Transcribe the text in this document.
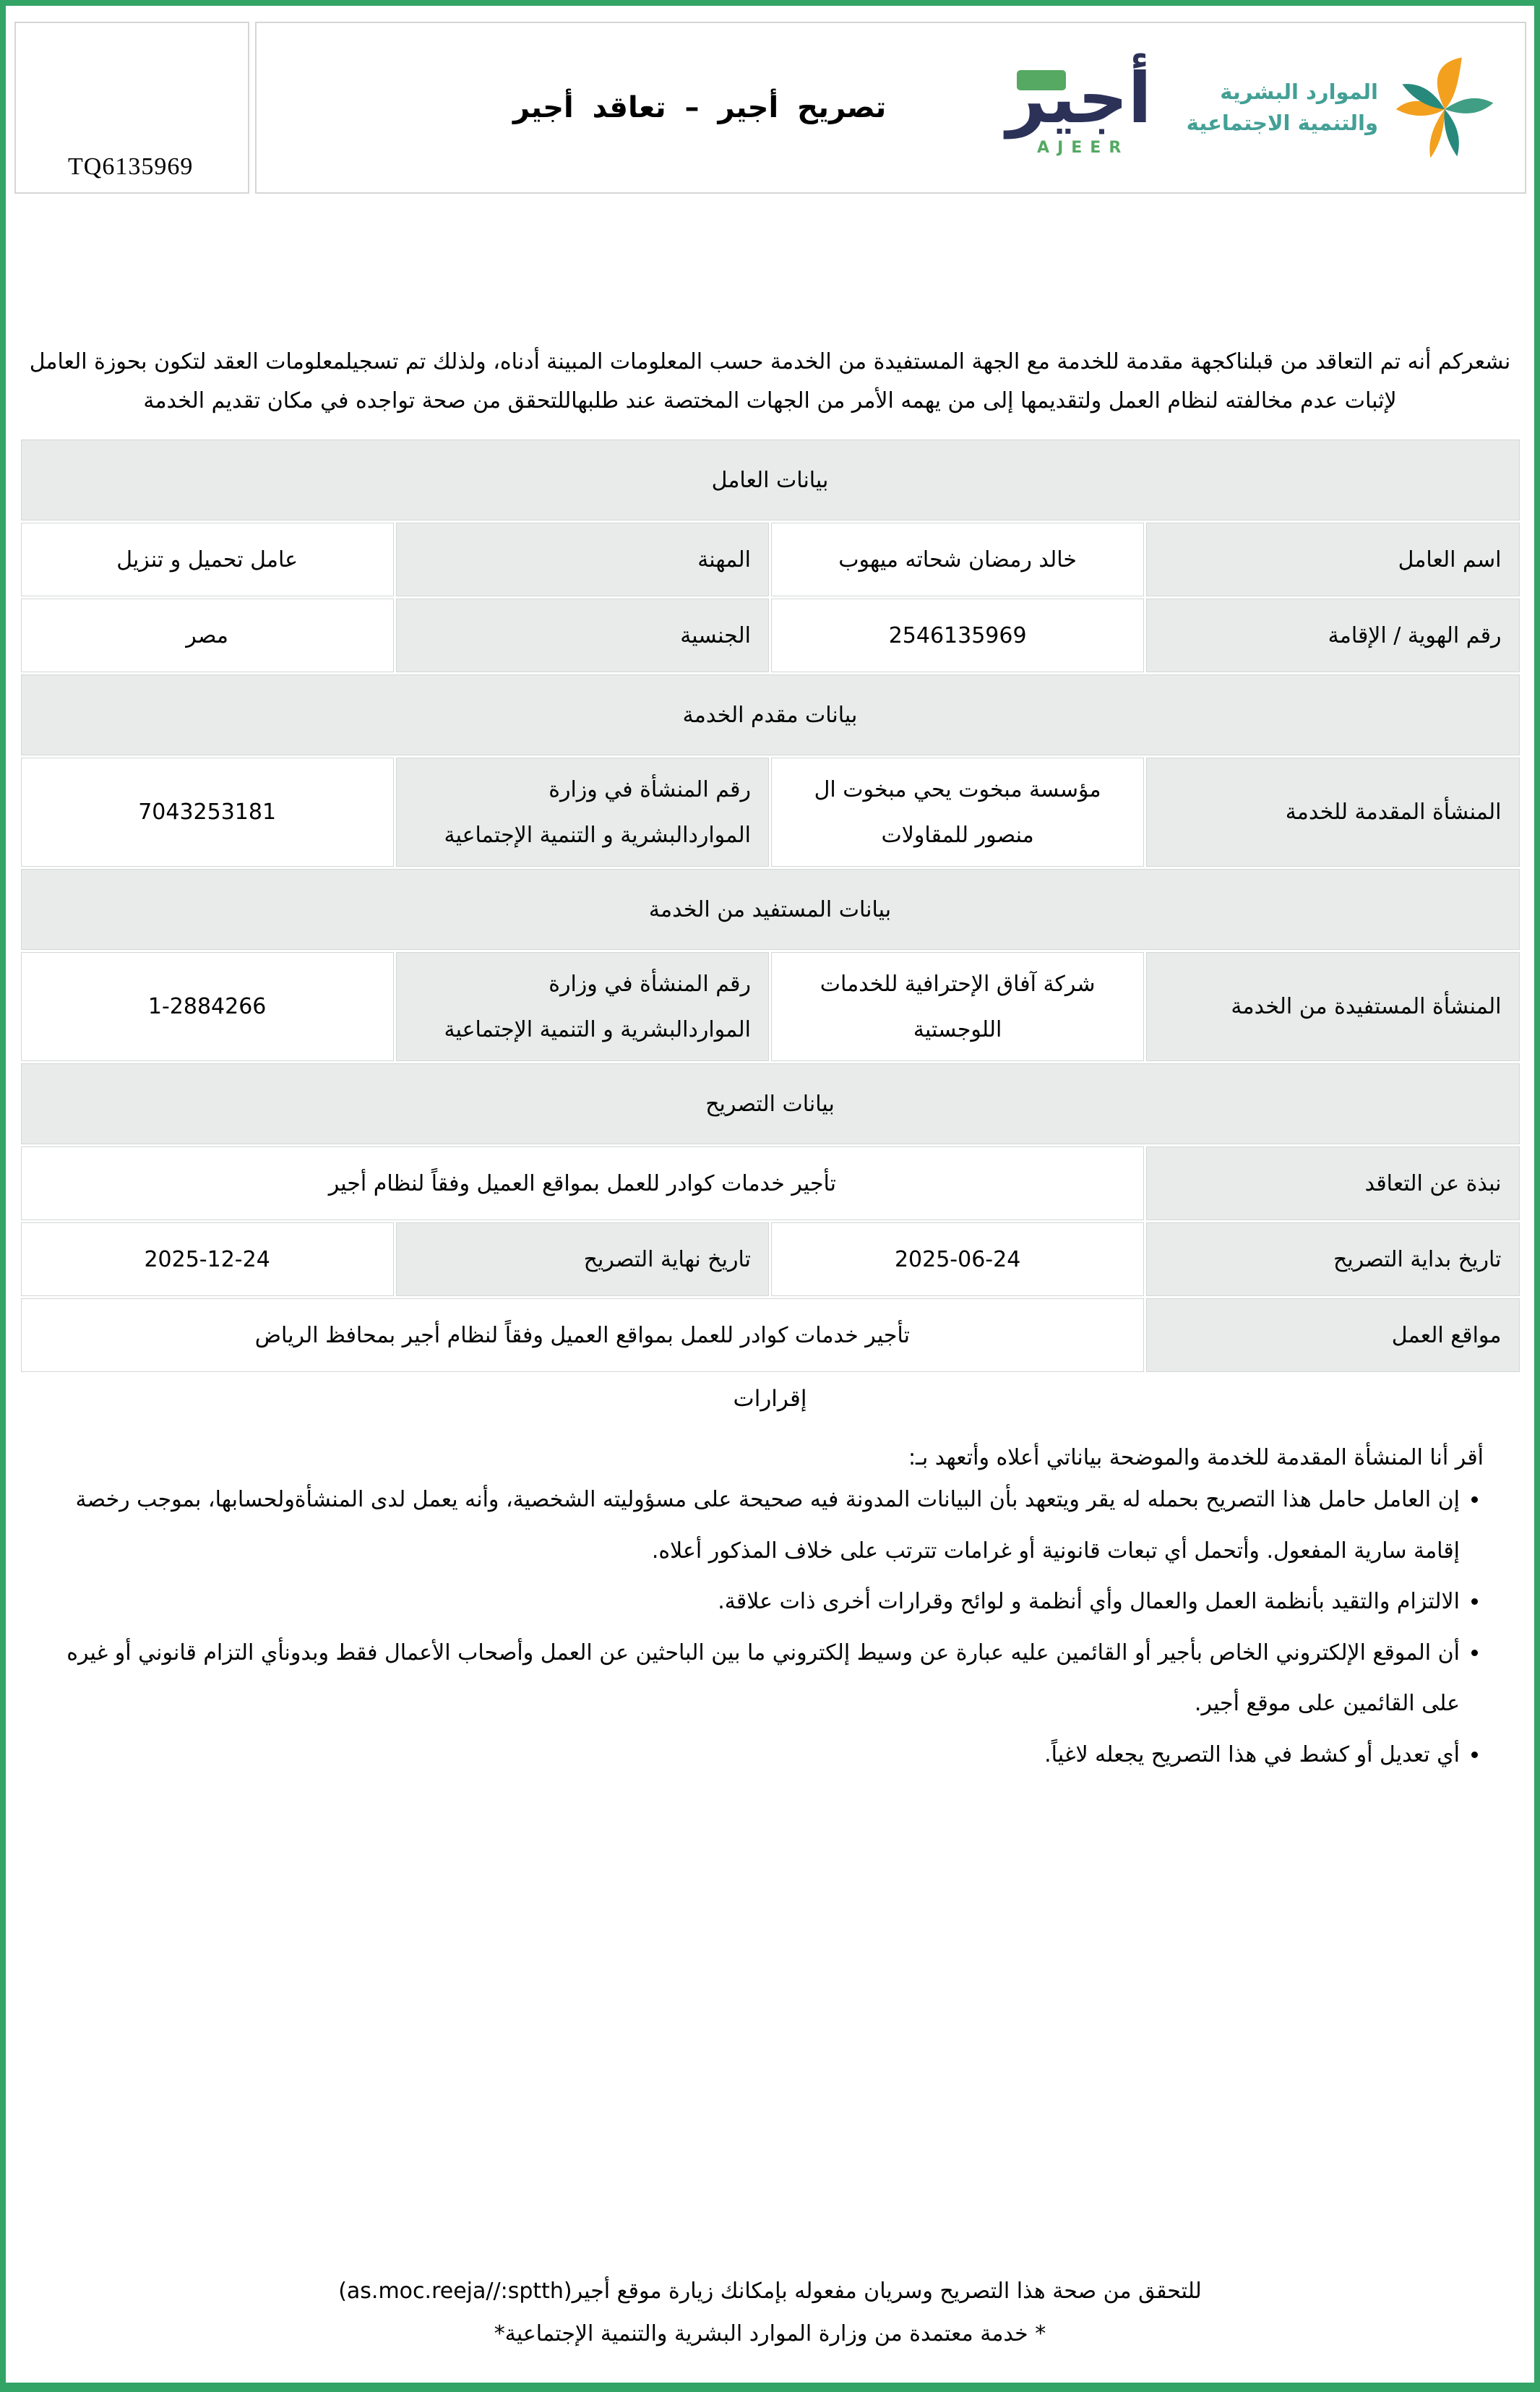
TQ6135969
تصريح أجير – تعاقد أجير أجير
AJEER
الموارد البشرية
والتنمية الاجتماعية

نشعركم أنه تم التعاقد من قبلناكجهة مقدمة للخدمة مع الجهة المستفيدة من الخدمة حسب المعلومات المبينة أدناه، ولذلك تم تسجيلمعلومات العقد لتكون بحوزة العامل لإثبات عدم مخالفته لنظام العمل ولتقديمها إلى من يهمه الأمر من الجهات المختصة عند طلبهاللتحقق من صحة تواجده في مكان تقديم الخدمة

بيانات العامل			
اسم العامل	خالد رمضان شحاته ميهوب	المهنة	عامل تحميل و تنزيل
رقم الهوية / الإقامة	2546135969	الجنسية	مصر
بيانات مقدم الخدمة			
المنشأة المقدمة للخدمة	مؤسسة مبخوت يحي مبخوت ال منصور للمقاولات	رقم المنشأة في وزارة المواردالبشرية و التنمية الإجتماعية	7043253181
بيانات المستفيد من الخدمة			
المنشأة المستفيدة من الخدمة	شركة آفاق الإحترافية للخدمات اللوجستية	رقم المنشأة في وزارة المواردالبشرية و التنمية الإجتماعية	1-2884266
بيانات التصريح			
نبذة عن التعاقد	تأجير خدمات كوادر للعمل بمواقع العميل وفقاً لنظام أجير		
تاريخ بداية التصريح	2025-06-24	تاريخ نهاية التصريح	2025-12-24
مواقع العمل	تأجير خدمات كوادر للعمل بمواقع العميل وفقاً لنظام أجير بمحافظ الرياض		
إقرارات

أقر أنا المنشأة المقدمة للخدمة والموضحة بياناتي أعلاه وأتعهد بـ:

• إن العامل حامل هذا التصريح بحمله له يقر ويتعهد بأن البيانات المدونة فيه صحيحة على مسؤوليته الشخصية، وأنه يعمل لدى المنشأةولحسابها، بموجب رخصة إقامة سارية المفعول. وأتحمل أي تبعات قانونية أو غرامات تترتب على خلاف المذكور أعلاه.
• الالتزام والتقيد بأنظمة العمل والعمال وأي أنظمة و لوائح وقرارات أخرى ذات علاقة.
• أن الموقع الإلكتروني الخاص بأجير أو القائمين عليه عبارة عن وسيط إلكتروني ما بين الباحثين عن العمل وأصحاب الأعمال فقط وبدونأي التزام قانوني أو غيره على القائمين على موقع أجير.
• أي تعديل أو كشط في هذا التصريح يجعله لاغياً.

للتحقق من صحة هذا التصريح وسريان مفعوله بإمكانك زيارة موقع أجير(as.moc.reeja//:sptth)

* خدمة معتمدة من وزارة الموارد البشرية والتنمية الإجتماعية*
